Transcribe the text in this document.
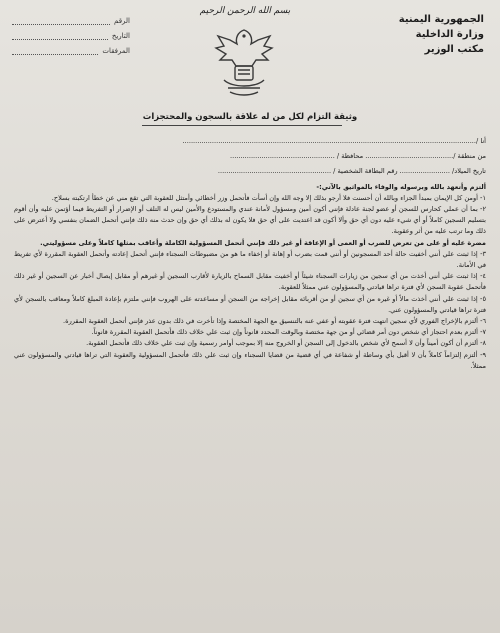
الجمهورية اليمنية
وزارة الداخلية
مكتب الوزير
بسم الله الرحمن الرحيم
الرقم
التاريخ
المرفقات
وثيقة التزام لكل من له علاقة بالسجون والمحتجزات
أنا /............................................................................................................................................
من منطقة /.......................................... محافظة / ..................................................
تاريخ الميلاد/ ........................ رقم البطاقة الشخصية / ......................................................

ألتزم وأتعهد بالله وبرسوله والوفاء بالمواثيق بالآتي:-

١- أومن كل الإيمان بمبدأ الجزاء وبالله أن أحسنت فلا أرجو بذلك إلا وجه الله وإن أسأت فأتحمل وزر أخطائي وأمتثل للعقوبة التي تقع مني عن خطأ ارتكبته بسلاح.

٢- بما أن عملي كحارس للسجن أو عضو لجنة عادلة فإنني أكون أمين ومسؤول لأمانة عندي والمستودع والأمين ليس له التلف أو الإضرار أو التفريط فيما أؤتمن عليه وأن أقوم بتسليم السجين كاملاً أو أي شيء عليه دون أي حق وألا أكون قد اعتديت على أي حق فلا يكون له بذلك أي حق وإن حدث منه ذلك فإنني أتحمل الضمان بنفسي ولا أعترض على ذلك وما ترتب عليه من أثر وعقوبة.

مضرة عليه أو على من تعرض للضرب أو العمى أو الإعاقة أو غير ذلك فإنني أتحمل المسؤولية الكاملة وأعاقب بمثلها كاملاً وعلى مسؤوليتي.

٣- إذا ثبتت علي أنني أخفيت حالة أحد المسجونين أو أنني قمت بضرب أو إهانة أو إخفاء ما هو من مضبوطات السجناء فإنني أتحمل إعادته وأتحمل العقوبة المقررة لأي تفريط في الأمانة.

٤- إذا ثبتت علي أنني أخذت من أي سجين من زيارات السجناء شيئاً أو أخفيت مقابل السماح بالزيارة لأقارب السجين أو غيرهم أو مقابل إيصال أخبار عن السجين أو غير ذلك فأتحمل عقوبة السجن لأي فترة تراها قيادتي والمسؤولون عني ممثلاً للعقوبة.

٥- إذا ثبتت علي أنني أخذت مالاً أو غيره من أي سجين أو من أقربائه مقابل إخراجه من السجن أو مساعدته على الهروب فإنني ملتزم بإعادة المبلغ كاملاً ومعاقب بالسجن لأي فترة تراها قيادتي والمسؤولون عني.

٦- ألتزم بالإخراج الفوري لأي سجين انتهت فترة عقوبته أو عفي عنه بالتنسيق مع الجهة المختصة وإذا تأخرت في ذلك بدون عذر فإنني أتحمل العقوبة المقررة.

٧- ألتزم بعدم احتجاز أي شخص دون أمر قضائي أو من جهة مختصة وبالوقت المحدد قانوناً وإن ثبت علي خلاف ذلك فأتحمل العقوبة المقررة قانوناً.

٨- ألتزم أن أكون أميناً وأن لا أسمح لأي شخص بالدخول إلى السجن أو الخروج منه إلا بموجب أوامر رسمية وإن ثبت علي خلاف ذلك فأتحمل العقوبة.

٩- ألتزم إلتزاماً كاملاً بأن لا أقبل بأي وساطة أو شفاعة في أي قضية من قضايا السجناء وإن ثبت علي ذلك فأتحمل المسؤولية والعقوبة التي تراها قيادتي والمسؤولون عني ممثلاً.
